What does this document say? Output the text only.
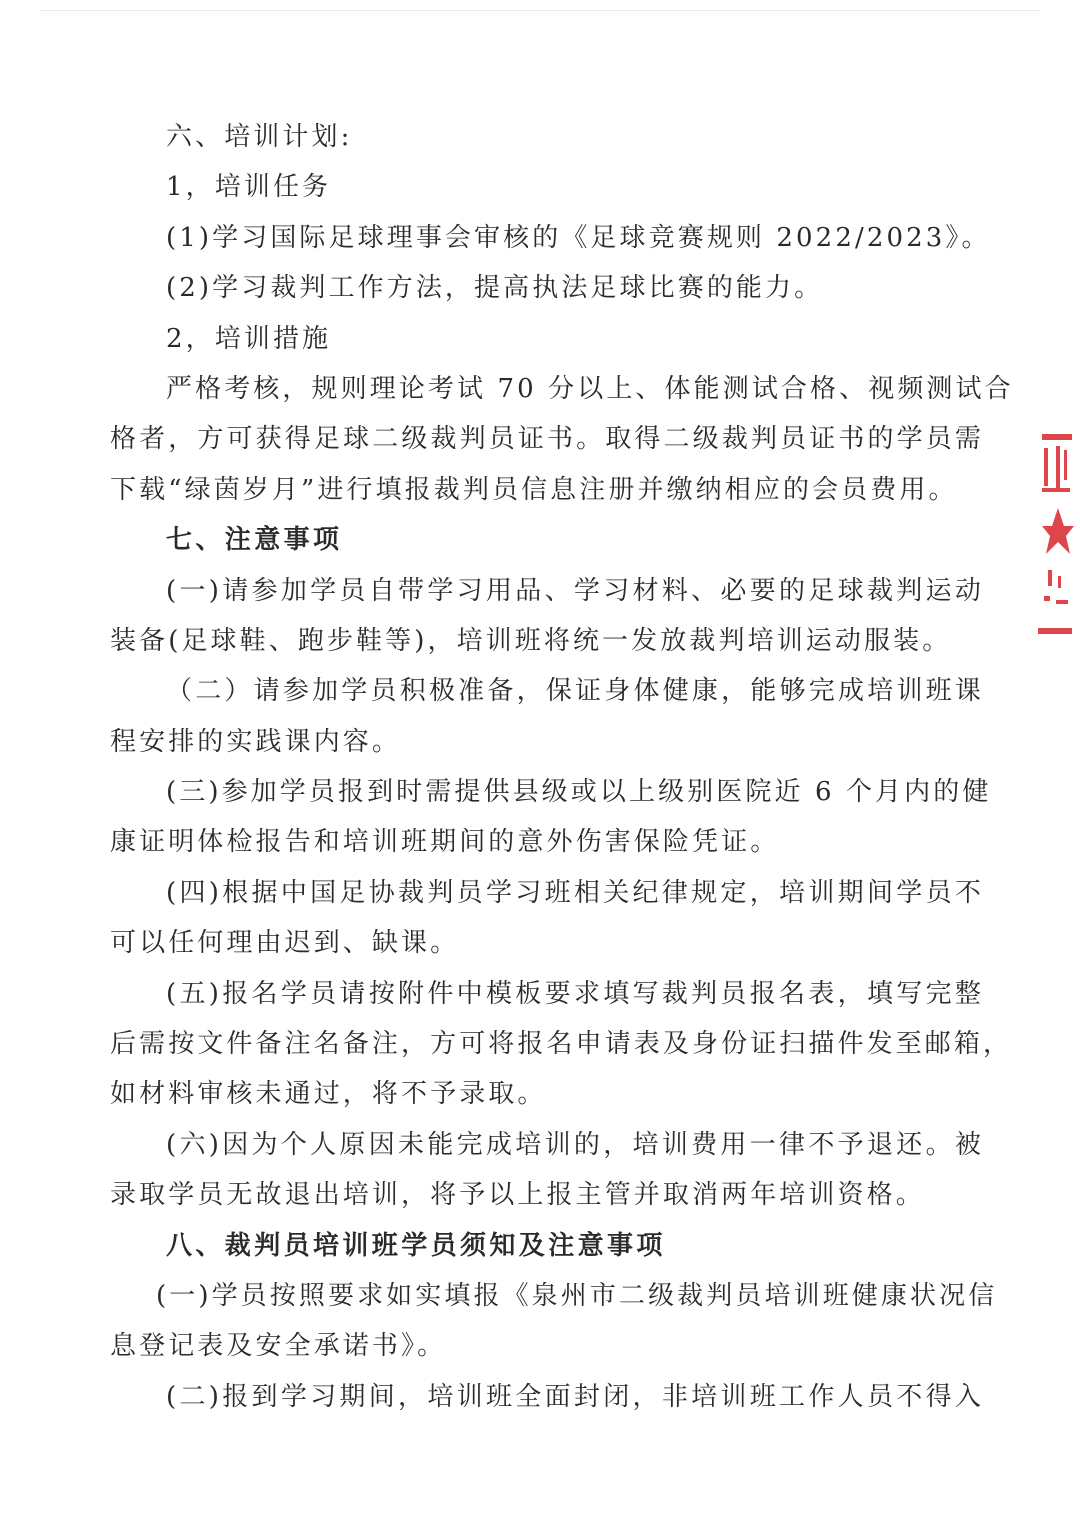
六、培训计划:
1，培训任务
(1)学习国际足球理事会审核的《足球竞赛规则 2022/2023》。
(2)学习裁判工作方法，提高执法足球比赛的能力。
2，培训措施
严格考核，规则理论考试 70 分以上、体能测试合格、视频测试合
格者，方可获得足球二级裁判员证书。取得二级裁判员证书的学员需
下载“绿茵岁月”进行填报裁判员信息注册并缴纳相应的会员费用。
七、注意事项
(一)请参加学员自带学习用品、学习材料、必要的足球裁判运动
装备(足球鞋、跑步鞋等)，培训班将统一发放裁判培训运动服装。
（二）请参加学员积极准备，保证身体健康，能够完成培训班课
程安排的实践课内容。
(三)参加学员报到时需提供县级或以上级别医院近 6 个月内的健
康证明体检报告和培训班期间的意外伤害保险凭证。
(四)根据中国足协裁判员学习班相关纪律规定，培训期间学员不
可以任何理由迟到、缺课。
(五)报名学员请按附件中模板要求填写裁判员报名表，填写完整
后需按文件备注名备注，方可将报名申请表及身份证扫描件发至邮箱，
如材料审核未通过，将不予录取。
(六)因为个人原因未能完成培训的，培训费用一律不予退还。被
录取学员无故退出培训，将予以上报主管并取消两年培训资格。
八、裁判员培训班学员须知及注意事项
(一)学员按照要求如实填报《泉州市二级裁判员培训班健康状况信
息登记表及安全承诺书》。
(二)报到学习期间，培训班全面封闭，非培训班工作人员不得入
